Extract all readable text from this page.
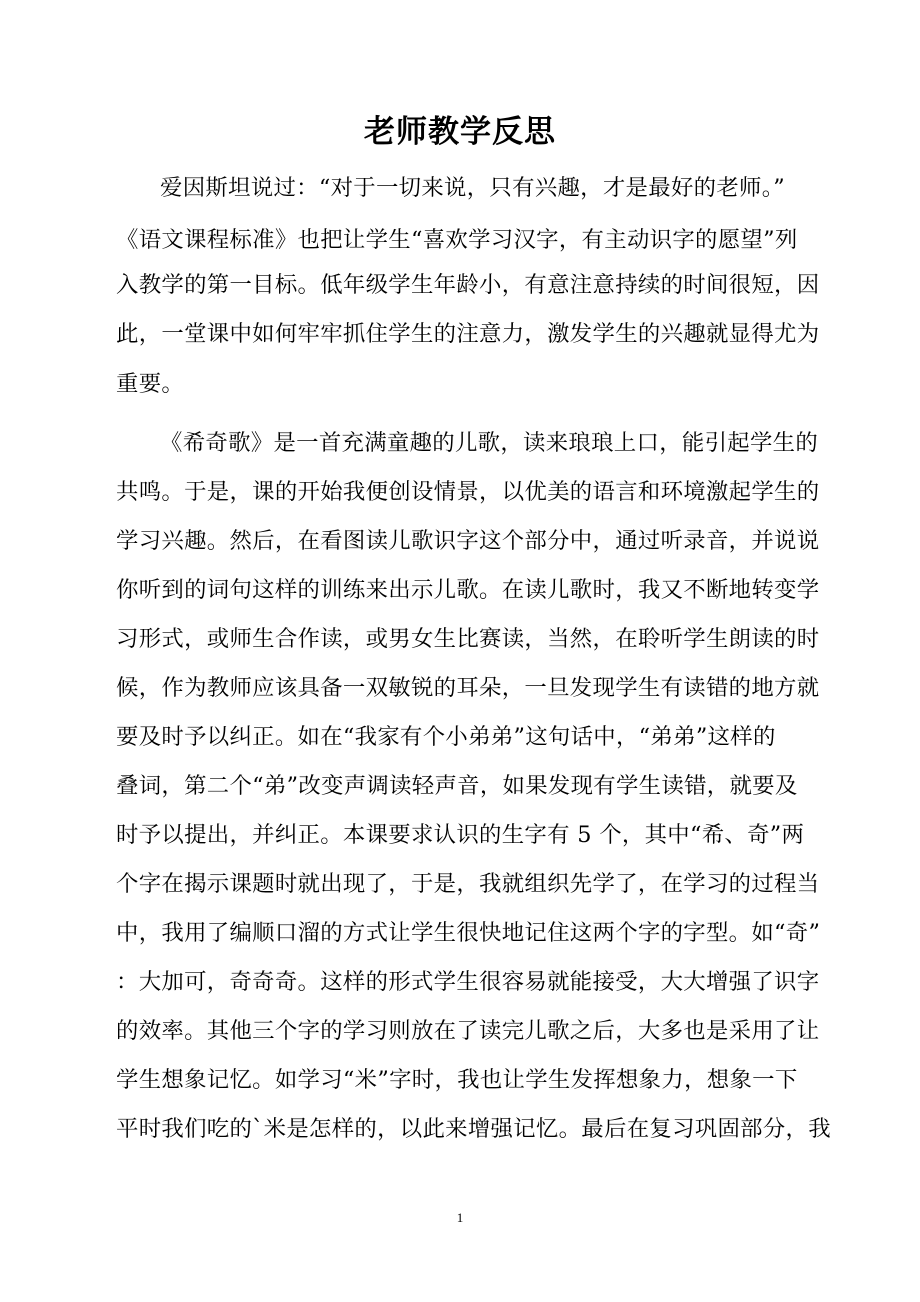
老师教学反思
爱因斯坦说过：“对于一切来说，只有兴趣，才是最好的老师。”
《语文课程标准》也把让学生“喜欢学习汉字，有主动识字的愿望”列
入教学的第一目标。低年级学生年龄小，有意注意持续的时间很短，因
此，一堂课中如何牢牢抓住学生的注意力，激发学生的兴趣就显得尤为
重要。
《希奇歌》是一首充满童趣的儿歌，读来琅琅上口，能引起学生的
共鸣。于是，课的开始我便创设情景，以优美的语言和环境激起学生的
学习兴趣。然后，在看图读儿歌识字这个部分中，通过听录音，并说说
你听到的词句这样的训练来出示儿歌。在读儿歌时，我又不断地转变学
习形式，或师生合作读，或男女生比赛读，当然，在聆听学生朗读的时
候，作为教师应该具备一双敏锐的耳朵，一旦发现学生有读错的地方就
要及时予以纠正。如在“我家有个小弟弟”这句话中，“弟弟”这样的
叠词，第二个“弟”改变声调读轻声音，如果发现有学生读错，就要及
时予以提出，并纠正。本课要求认识的生字有 5 个，其中“希、奇”两
个字在揭示课题时就出现了，于是，我就组织先学了，在学习的过程当
中，我用了编顺口溜的方式让学生很快地记住这两个字的字型。如“奇”
：大加可，奇奇奇。这样的形式学生很容易就能接受，大大增强了识字
的效率。其他三个字的学习则放在了读完儿歌之后，大多也是采用了让
学生想象记忆。如学习“米”字时，我也让学生发挥想象力，想象一下
平时我们吃的`米是怎样的，以此来增强记忆。最后在复习巩固部分，我
1
